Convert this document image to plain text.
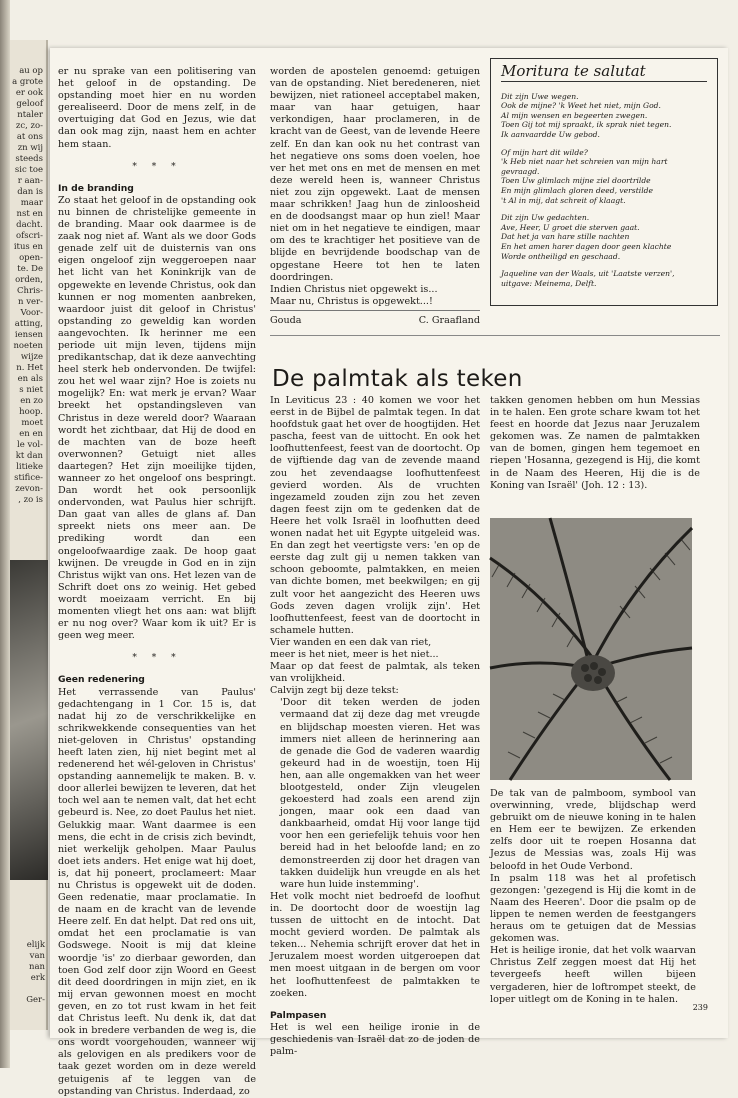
au op
a grote
er ook
geloof
ntaler
zc, zo-
at ons
zn wij
steeds
sic toe
r aan-
dan is
maar
nst en
dacht.
ofscri-
itus en
open-
te. De
orden,
Chris-
n ver-
Voor-
atting,
iensen
noeten
wijze
n. Het
en als
s niet
en zo
hoop.
moet
en en
le vol-
kt dan
litieke
stifice-
zevon-
, zo is
elijk
van
nan
erk

Ger-

er nu sprake van een politisering van het geloof in de opstanding. De opstanding moet hier en nu worden gerealiseerd. Door de mens zelf, in de overtuiging dat God en Jezus, wie dat dan ook mag zijn, naast hem en achter hem staan.

* * *
In de branding

Zo staat het geloof in de opstanding ook nu binnen de christelijke gemeente in de branding. Maar ook daarmee is de zaak nog niet af. Want als we door Gods genade zelf uit de duisternis van ons eigen ongeloof zijn weggeroepen naar het licht van het Koninkrijk van de opgewekte en levende Christus, ook dan kunnen er nog momenten aanbreken, waardoor juist dit geloof in Christus' opstanding zo geweldig kan worden aangevochten. Ik herinner me een periode uit mijn leven, tijdens mijn predikantschap, dat ik deze aanvechting heel sterk heb ondervonden. De twijfel: zou het wel waar zijn? Hoe is zoiets nu mogelijk? En: wat merk je ervan? Waar breekt het opstandingsleven van Christus in deze wereld door? Waaraan wordt het zichtbaar, dat Hij de dood en de machten van de boze heeft overwonnen? Getuigt niet alles daartegen? Het zijn moeilijke tijden, wanneer zo het ongeloof ons bespringt. Dan wordt het ook persoonlijk ondervonden, wat Paulus hier schrijft. Dan gaat van alles de glans af. Dan spreekt niets ons meer aan. De prediking wordt dan een ongeloofwaardige zaak. De hoop gaat kwijnen. De vreugde in God en in zijn Christus wijkt van ons. Het lezen van de Schrift doet ons zo weinig. Het gebed wordt moeizaam verricht. En bij momenten vliegt het ons aan: wat blijft er nu nog over? Waar kom ik uit? Er is geen weg meer.

* * *
Geen redenering

Het verrassende van Paulus' gedachtengang in 1 Cor. 15 is, dat nadat hij zo de verschrikkelijke en schrikwekkende consequenties van het niet-geloven in Christus' opstanding heeft laten zien, hij niet begint met al redenerend het wél-geloven in Christus' opstanding aannemelijk te maken. B. v. door allerlei bewijzen te leveren, dat het toch wel aan te nemen valt, dat het echt gebeurd is. Nee, zo doet Paulus het niet. Gelukkig maar. Want daarmee is een mens, die echt in de crisis zich bevindt, niet werkelijk geholpen. Maar Paulus doet iets anders. Het enige wat hij doet, is, dat hij poneert, proclameert: Maar nu Christus is opgewekt uit de doden. Geen redenatie, maar proclamatie. In de naam en de kracht van de levende Heere zelf. En dat helpt. Dat red ons uit, omdat het een proclamatie is van Godswege. Nooit is mij dat kleine woordje 'is' zo dierbaar geworden, dan toen God zelf door zijn Woord en Geest dit deed doordringen in mijn ziet, en ik mij ervan gewonnen moest en mocht geven, en zo tot rust kwam in het feit dat Christus leeft. Nu denk ik, dat dat ook in bredere verbanden de weg is, die ons wordt voorgehouden, wanneer wij als gelovigen en als predikers voor de taak gezet worden om in deze wereld getuigenis af te leggen van de opstanding van Christus. Inderdaad, zo

worden de apostelen genoemd: getuigen van de opstanding. Niet beredeneren, niet bewijzen, niet rationeel acceptabel maken, maar van haar getuigen, haar verkondigen, haar proclameren, in de kracht van de Geest, van de levende Heere zelf. En dan kan ook nu het contrast van het negatieve ons soms doen voelen, hoe ver het met ons en met de mensen en met deze wereld heen is, wanneer Christus niet zou zijn opgewekt. Laat de mensen maar schrikken! Jaag hun de zinloosheid en de doodsangst maar op hun ziel! Maar niet om in het negatieve te eindigen, maar om des te krachtiger het positieve van de blijde en bevrijdende boodschap van de opgestane Heere tot hen te laten doordringen.

Indien Christus niet opgewekt is...

Maar nu, Christus is opgewekt...!

Gouda	C. Graafland
Moritura te salutat
Dit zijn Uwe wegen.
Ook de mijne? 'k Weet het niet, mijn God.
Al mijn wensen en begeerten zwegen.
Toen Gij tot mij spraakt, ik sprak niet tegen.
Ik aanvaardde Uw gebod.
Of mijn hart dit wilde?
'k Heb niet naar het schreien van mijn hart gevraagd.
Toen Uw glimlach mijne ziel doortrilde
En mijn glimlach gloren deed, verstilde
't Al in mij, dat schreit of klaagt.
Dit zijn Uw gedachten.
Ave, Heer, U groet die sterven gaat.
Dat het ja van hare stille nachten
En het amen harer dagen door geen klachte
Worde ontheiligd en geschaad.
Jaqueline van der Waals, uit 'Laatste verzen', uitgave: Meinema, Delft.
De palmtak als teken

In Leviticus 23 : 40 komen we voor het eerst in de Bijbel de palmtak tegen. In dat hoofdstuk gaat het over de hoogtijden. Het pascha, feest van de uittocht. En ook het loofhuttenfeest, feest van de doortocht. Op de vijftiende dag van de zevende maand zou het zevendaagse loofhuttenfeest gevierd worden. Als de vruchten ingezameld zouden zijn zou het zeven dagen feest zijn om te gedenken dat de Heere het volk Israël in loofhutten deed wonen nadat het uit Egypte uitgeleid was. En dan zegt het veertigste vers: 'en op de eerste dag zult gij u nemen takken van schoon geboomte, palmtakken, en meien van dichte bomen, met beekwilgen; en gij zult voor het aangezicht des Heeren uws Gods zeven dagen vrolijk zijn'. Het loofhuttenfeest, feest van de doortocht in schamele hutten.

Vier wanden en een dak van riet,

meer is het niet, meer is het niet...

Maar op dat feest de palmtak, als teken van vrolijkheid.

Calvijn zegt bij deze tekst:

'Door dit teken werden de joden vermaand dat zij deze dag met vreugde en blijdschap moesten vieren. Het was immers niet alleen de herinnering aan de genade die God de vaderen waardig gekeurd had in de woestijn, toen Hij hen, aan alle ongemakken van het weer blootgesteld, onder Zijn vleugelen gekoesterd had zoals een arend zijn jongen, maar ook een daad van dankbaarheid, omdat Hij voor lange tijd voor hen een geriefelijk tehuis voor hen bereid had in het beloofde land; en zo demonstreerden zij door het dragen van takken duidelijk hun vreugde en als het ware hun luide instemming'.

Het volk mocht niet bedroefd de loofhut in. De doortocht door de woestijn lag tussen de uittocht en de intocht. Dat mocht gevierd worden. De palmtak als teken... Nehemia schrijft erover dat het in Jeruzalem moest worden uitgeroepen dat men moest uitgaan in de bergen om voor het loofhuttenfeest de palmtakken te zoeken.

Palmpasen

Het is wel een heilige ironie in de geschiedenis van Israël dat zo de joden de palm-

takken genomen hebben om hun Messias in te halen. Een grote schare kwam tot het feest en hoorde dat Jezus naar Jeruzalem gekomen was. Ze namen de palmtakken van de bomen, gingen hem tegemoet en riepen 'Hosanna, gezegend is Hij, die komt in de Naam des Heeren, Hij die is de Koning van Israël' (Joh. 12 : 13).

De tak van de palmboom, symbool van overwinning, vrede, blijdschap werd gebruikt om de nieuwe koning in te halen en Hem eer te bewijzen. Ze erkenden zelfs door uit te roepen Hosanna dat Jezus de Messias was, zoals Hij was beloofd in het Oude Verbond.

In psalm 118 was het al profetisch gezongen: 'gezegend is Hij die komt in de Naam des Heeren'. Door die psalm op de lippen te nemen werden de feestgangers heraus om te getuigen dat de Messias gekomen was.

Het is heilige ironie, dat het volk waarvan Christus Zelf zeggen moest dat Hij het tevergeefs heeft willen bijeen vergaderen, hier de loftrompet steekt, de loper uitlegt om de Koning in te halen.

239
